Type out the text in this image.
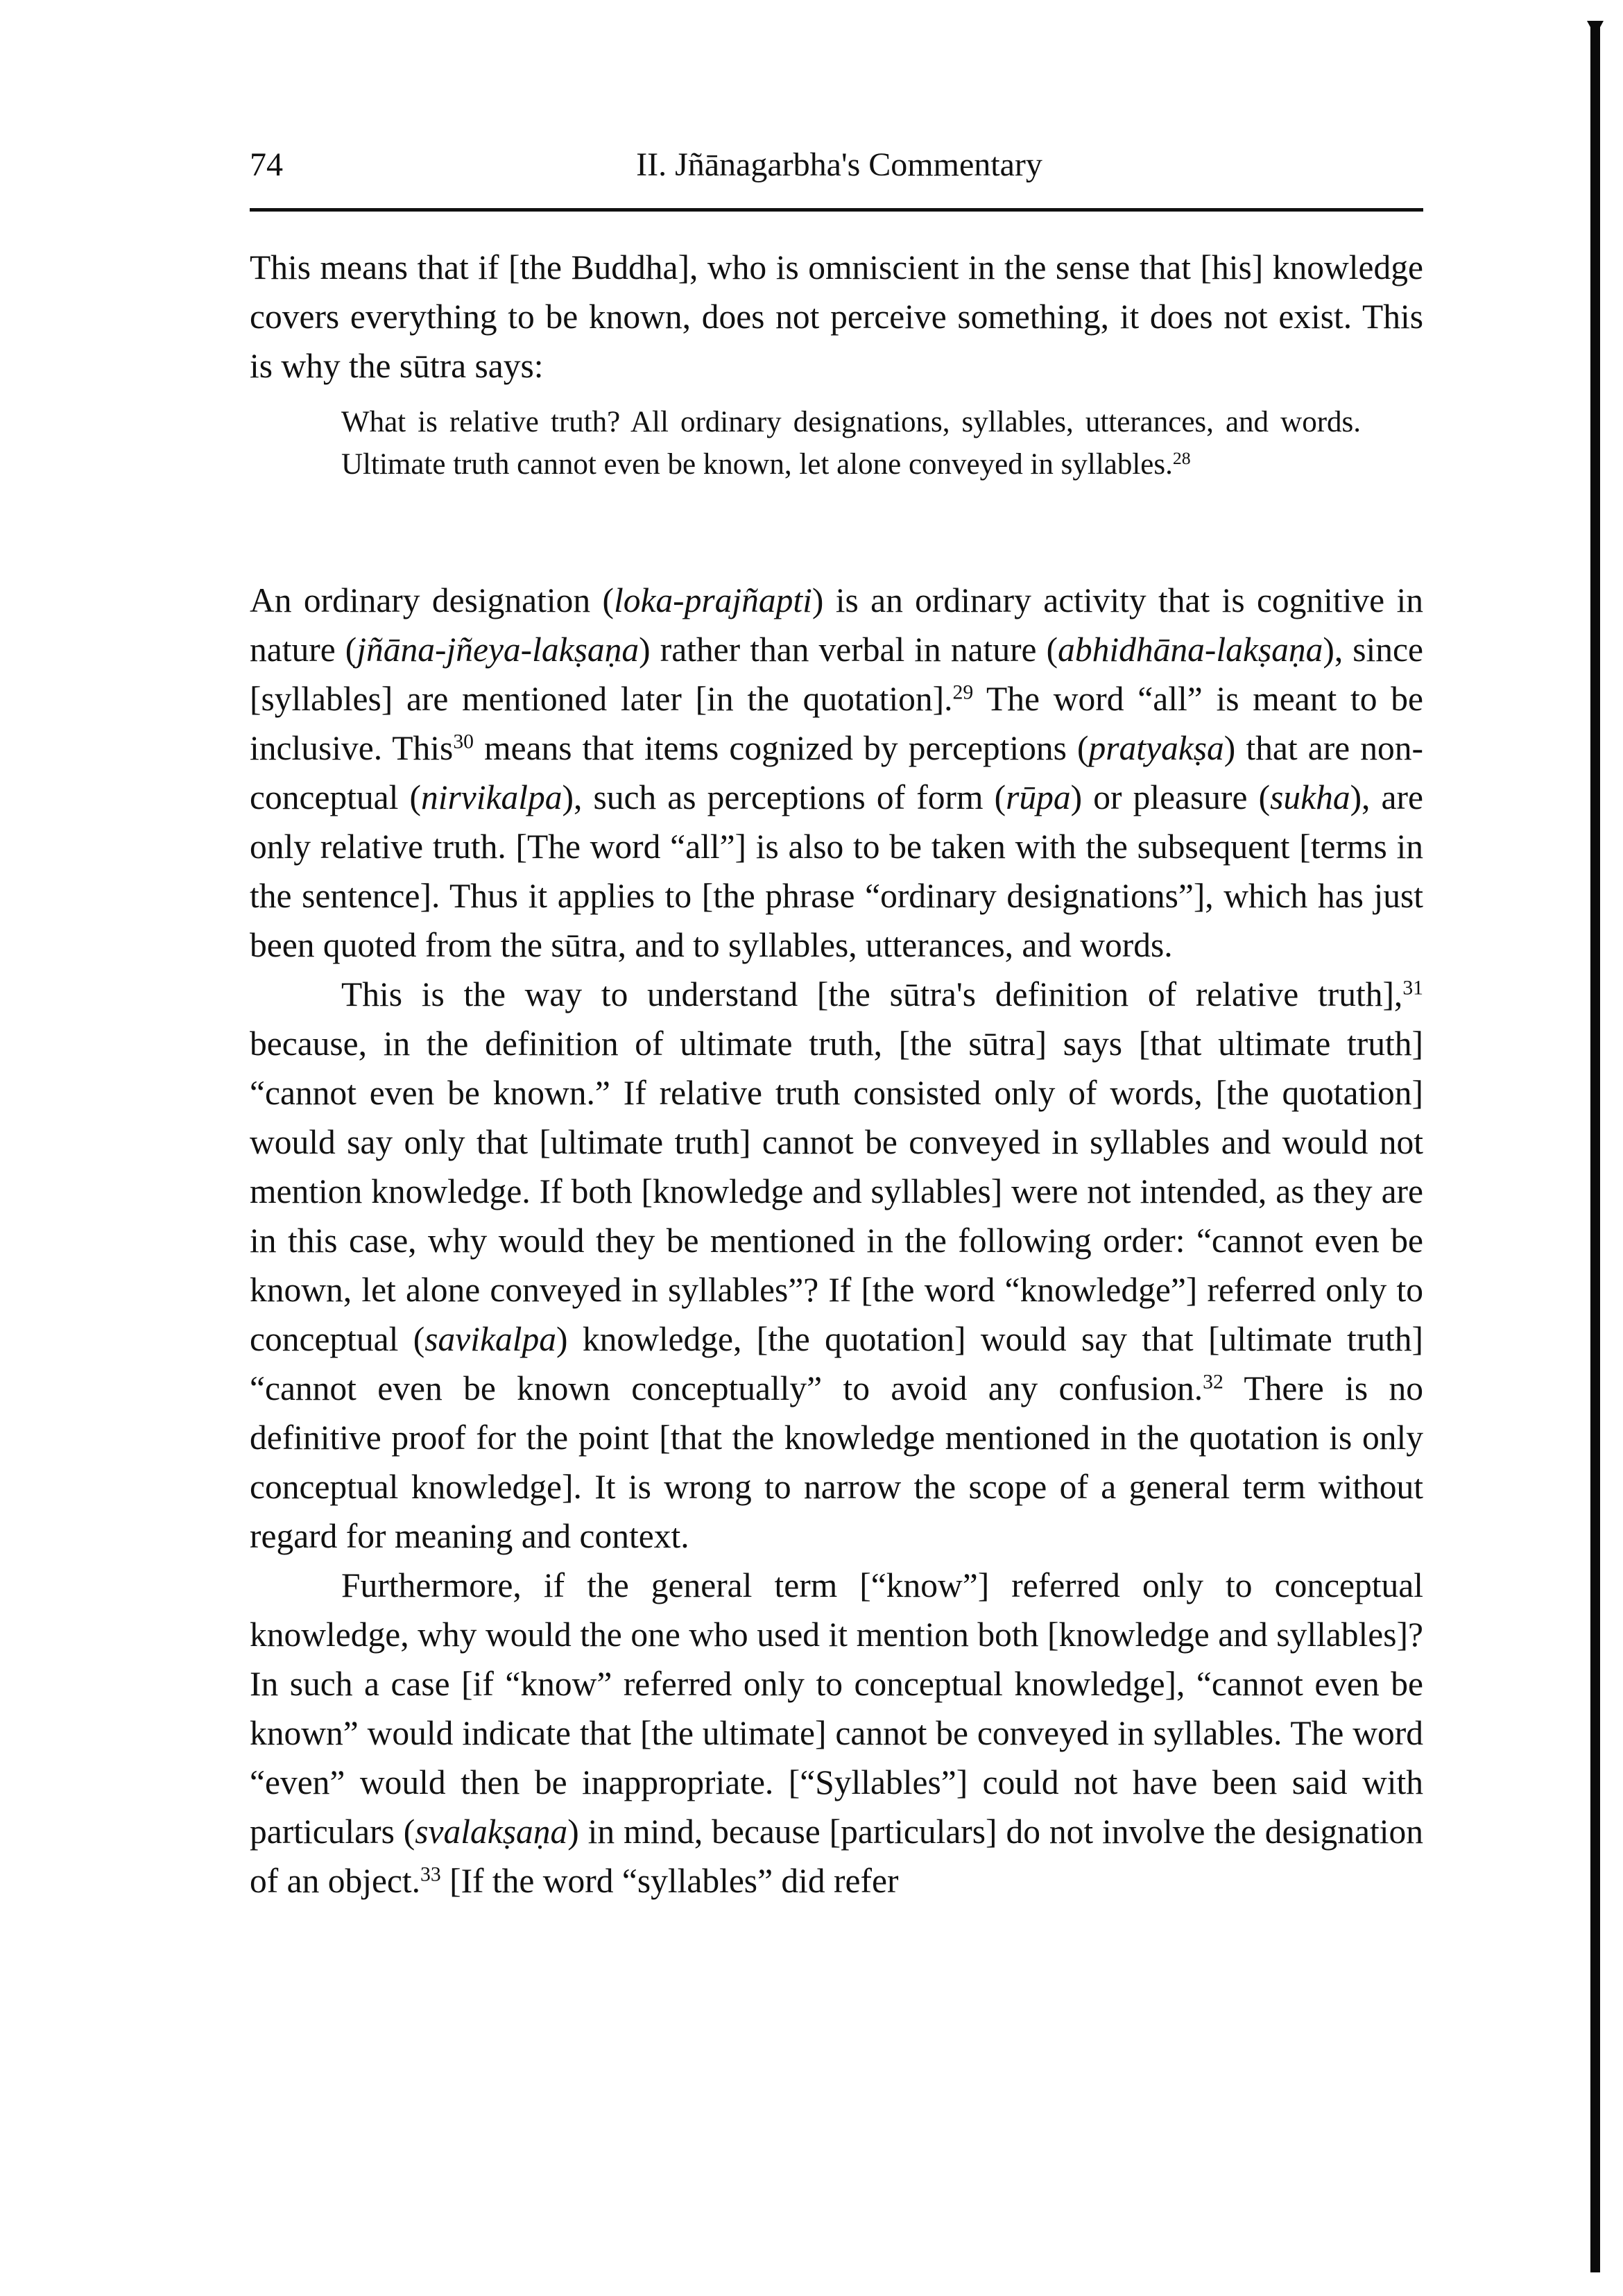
74	II. Jñānagarbha's Commentary

This means that if [the Buddha], who is omniscient in the sense that [his] knowledge covers everything to be known, does not perceive something, it does not exist. This is why the sūtra says:

What is relative truth? All ordinary designations, syllables, utterances, and words. Ultimate truth cannot even be known, let alone conveyed in syllables.$^{28}$

An ordinary designation (loka-prajñapti) is an ordinary activity that is cognitive in nature (jñāna-jñeya-lakṣaṇa) rather than verbal in nature (abhidhāna-lakṣaṇa), since [syllables] are mentioned later [in the quotation].$^{29}$ The word “all” is meant to be inclusive. This$^{30}$ means that items cognized by perceptions (pratyakṣa) that are non-conceptual (nirvikalpa), such as perceptions of form (rūpa) or pleasure (sukha), are only relative truth. [The word “all”] is also to be taken with the subsequent [terms in the sentence]. Thus it applies to [the phrase “ordinary designations”], which has just been quoted from the sūtra, and to syllables, utterances, and words.

This is the way to understand [the sūtra's definition of relative truth],$^{31}$ because, in the definition of ultimate truth, [the sūtra] says [that ultimate truth] “cannot even be known.” If relative truth consisted only of words, [the quotation] would say only that [ultimate truth] cannot be conveyed in syllables and would not mention knowledge. If both [knowledge and syllables] were not intended, as they are in this case, why would they be mentioned in the following order: “cannot even be known, let alone conveyed in syllables”? If [the word “knowledge”] referred only to conceptual (savikalpa) knowledge, [the quotation] would say that [ultimate truth] “cannot even be known conceptually” to avoid any confusion.$^{32}$ There is no definitive proof for the point [that the knowledge mentioned in the quotation is only conceptual knowledge]. It is wrong to narrow the scope of a general term without regard for meaning and context.

Furthermore, if the general term [“know”] referred only to conceptual knowledge, why would the one who used it mention both [knowledge and syllables]? In such a case [if “know” referred only to conceptual knowledge], “cannot even be known” would indicate that [the ultimate] cannot be conveyed in syllables. The word “even” would then be inappropriate. [“Syllables”] could not have been said with particulars (svalakṣaṇa) in mind, because [particulars] do not involve the designation of an object.$^{33}$ [If the word “syllables” did refer
